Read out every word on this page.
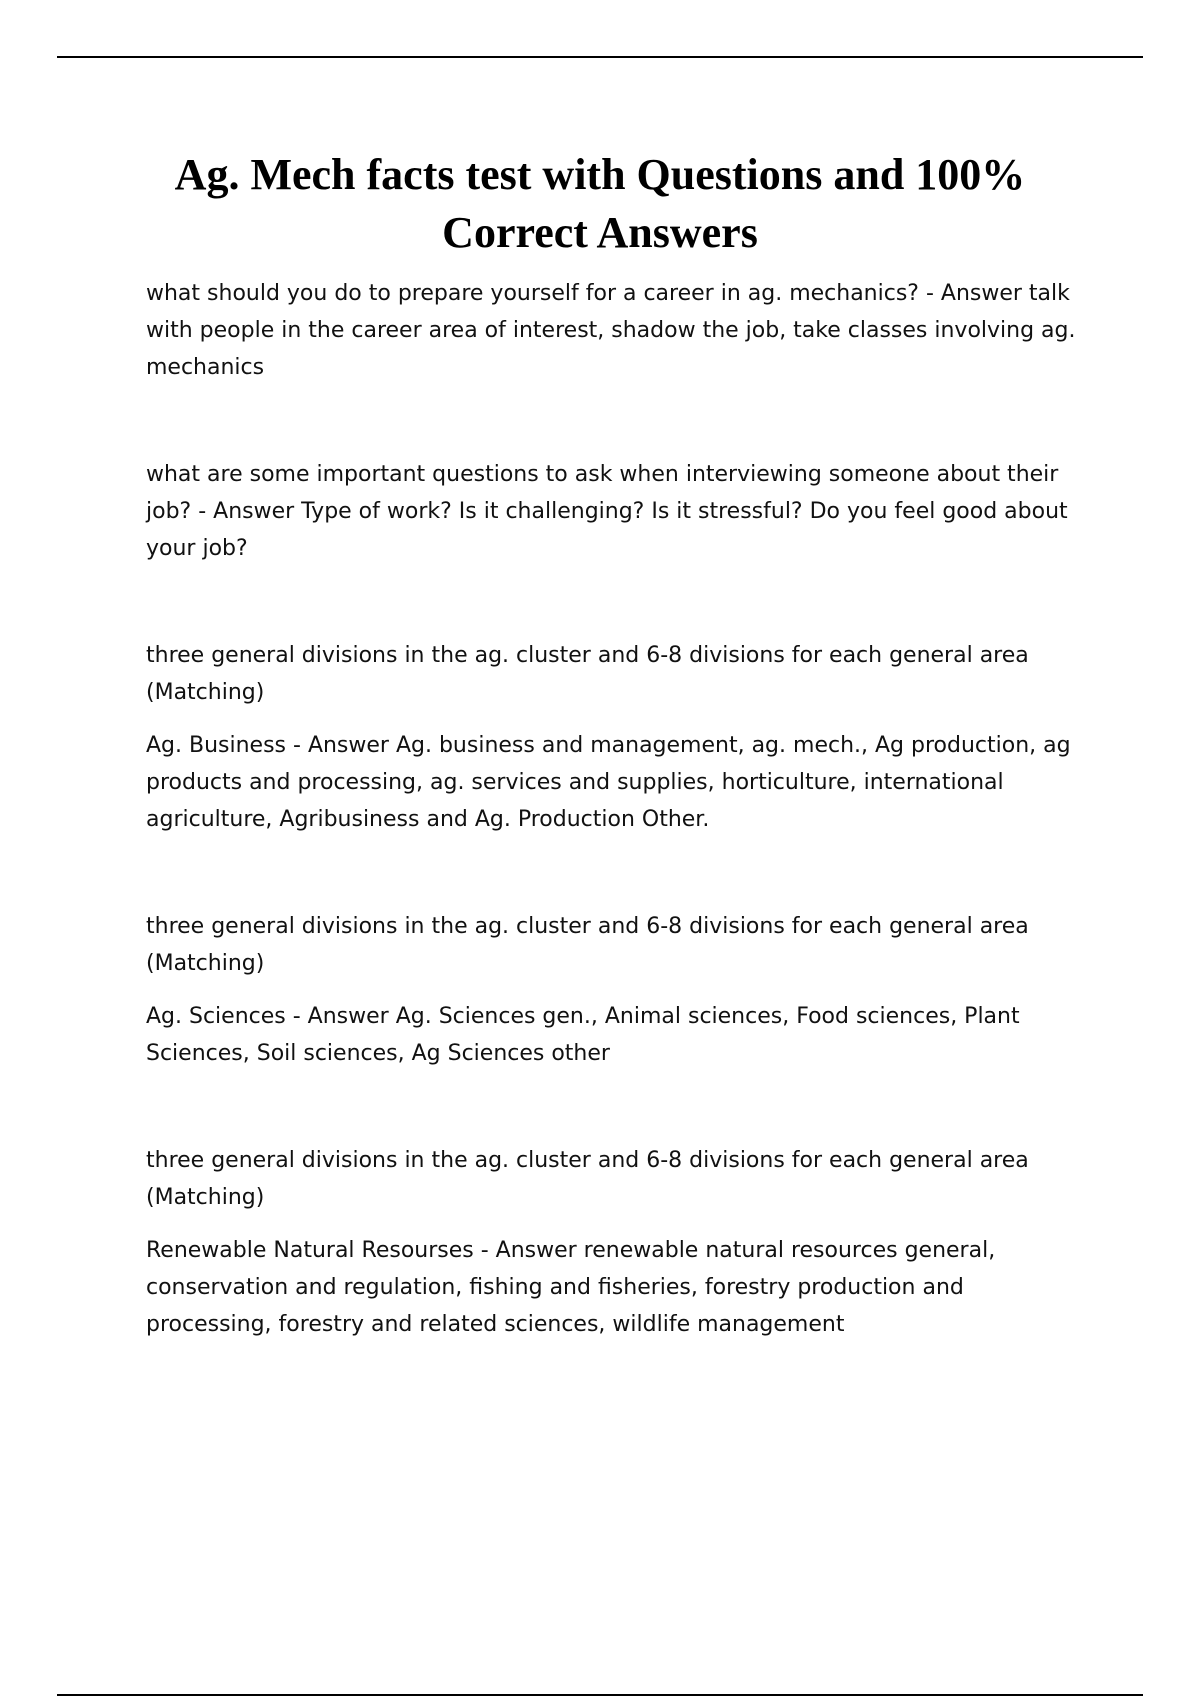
Ag. Mech facts test with Questions and 100%
Correct Answers

what should you do to prepare yourself for a career in ag. mechanics? - Answer talk with people in the career area of interest, shadow the job, take classes involving ag. mechanics

what are some important questions to ask when interviewing someone about their job? - Answer Type of work? Is it challenging? Is it stressful? Do you feel good about your job?

three general divisions in the ag. cluster and 6-8 divisions for each general area (Matching)

Ag. Business - Answer Ag. business and management, ag. mech., Ag production, ag products and processing, ag. services and supplies, horticulture, international agriculture, Agribusiness and Ag. Production Other.

three general divisions in the ag. cluster and 6-8 divisions for each general area (Matching)

Ag. Sciences - Answer Ag. Sciences gen., Animal sciences, Food sciences, Plant Sciences, Soil sciences, Ag Sciences other

three general divisions in the ag. cluster and 6-8 divisions for each general area (Matching)

Renewable Natural Resourses - Answer renewable natural resources general, conservation and regulation, fishing and fisheries, forestry production and processing, forestry and related sciences, wildlife management
